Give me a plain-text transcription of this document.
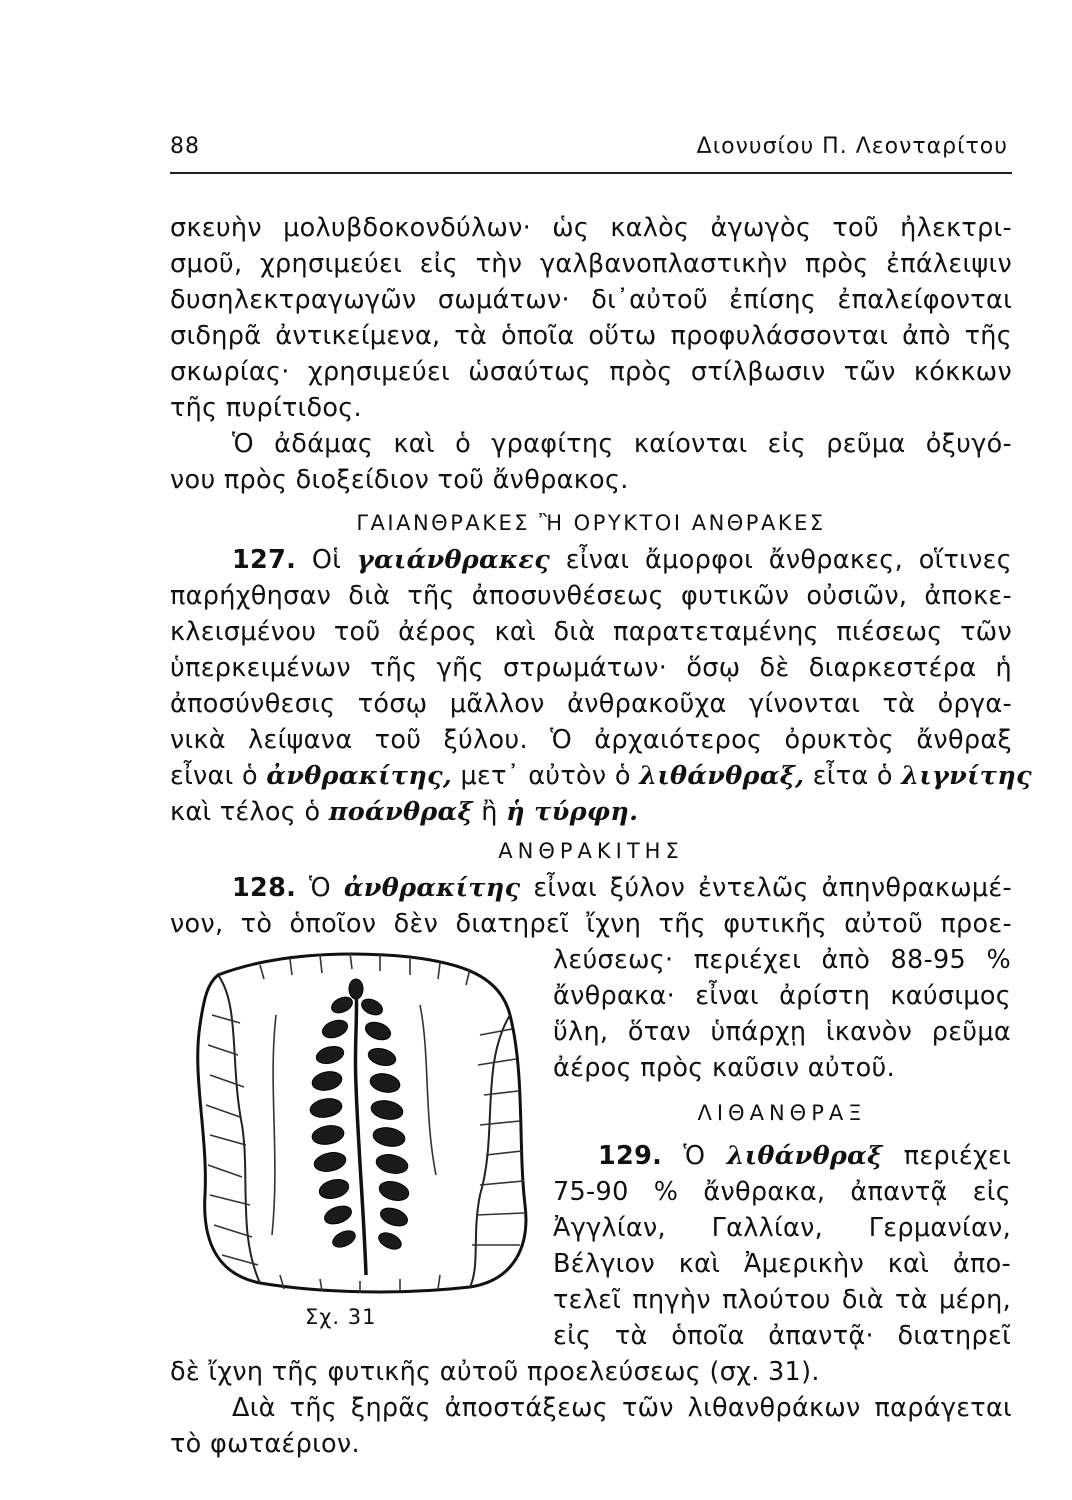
88	Διονυσίου Π. Λεονταρίτου
σκευὴν μολυβδοκονδύλων· ὡς καλὸς ἀγωγὸς τοῦ ἠλεκτρι-
σμοῦ, χρησιμεύει εἰς τὴν γαλβανοπλαστικὴν πρὸς ἐπάλειψιν
δυσηλεκτραγωγῶν σωμάτων· δι᾽αὐτοῦ ἐπίσης ἐπαλείφονται
σιδηρᾶ ἀντικείμενα, τὰ ὁποῖα οὕτω προφυλάσσονται ἀπὸ τῆς
σκωρίας· χρησιμεύει ὡσαύτως πρὸς στίλβωσιν τῶν κόκκων
τῆς πυρίτιδος.
Ὁ ἀδάμας καὶ ὁ γραφίτης καίονται εἰς ρεῦμα ὀξυγό-
νου πρὸς διοξείδιον τοῦ ἄνθρακος.
ΓΑΙΑΝΘΡΑΚΕΣ Ἢ ΟΡΥΚΤΟΙ ΑΝΘΡΑΚΕΣ
127. Οἱ γαιάνθρακες εἶναι ἄμορφοι ἄνθρακες, οἵτινες
παρήχθησαν διὰ τῆς ἀποσυνθέσεως φυτικῶν οὐσιῶν, ἀποκε-
κλεισμένου τοῦ ἀέρος καὶ διὰ παρατεταμένης πιέσεως τῶν
ὑπερκειμένων τῆς γῆς στρωμάτων· ὅσῳ δὲ διαρκεστέρα ἡ
ἀποσύνθεσις τόσῳ μᾶλλον ἀνθρακοῦχα γίνονται τὰ ὀργα-
νικὰ λείψανα τοῦ ξύλου. Ὁ ἀρχαιότερος ὀρυκτὸς ἄνθραξ
εἶναι ὁ ἀνθρακίτης, μετ᾽ αὐτὸν ὁ λιθάνθραξ, εἶτα ὁ λιγνίτης
καὶ τέλος ὁ ποάνθραξ ἢ ἡ τύρφη.
ΑΝΘΡΑΚΙΤΗΣ
128. Ὁ ἀνθρακίτης εἶναι ξύλον ἐντελῶς ἀπηνθρακωμέ-
νον, τὸ ὁποῖον δὲν διατηρεῖ ἴχνη τῆς φυτικῆς αὐτοῦ προε-
λεύσεως· περιέχει ἀπὸ 88-95 %
ἄνθρακα· εἶναι ἀρίστη καύσιμος
ὕλη, ὅταν ὑπάρχῃ ἱκανὸν ρεῦμα
ἀέρος πρὸς καῦσιν αὐτοῦ.
ΛΙΘΑΝΘΡΑΞ
129. Ὁ λιθάνθραξ περιέχει
75-90 % ἄνθρακα, ἀπαντᾷ εἰς
Ἀγγλίαν, Γαλλίαν, Γερμανίαν,
Βέλγιον καὶ Ἀμερικὴν καὶ ἀπο-
τελεῖ πηγὴν πλούτου διὰ τὰ μέρη,
εἰς τὰ ὁποῖα ἀπαντᾷ· διατηρεῖ
δὲ ἴχνη τῆς φυτικῆς αὐτοῦ προελεύσεως (σχ. 31).
Διὰ τῆς ξηρᾶς ἀποστάξεως τῶν λιθανθράκων παράγεται
τὸ φωταέριον.
Σχ. 31
